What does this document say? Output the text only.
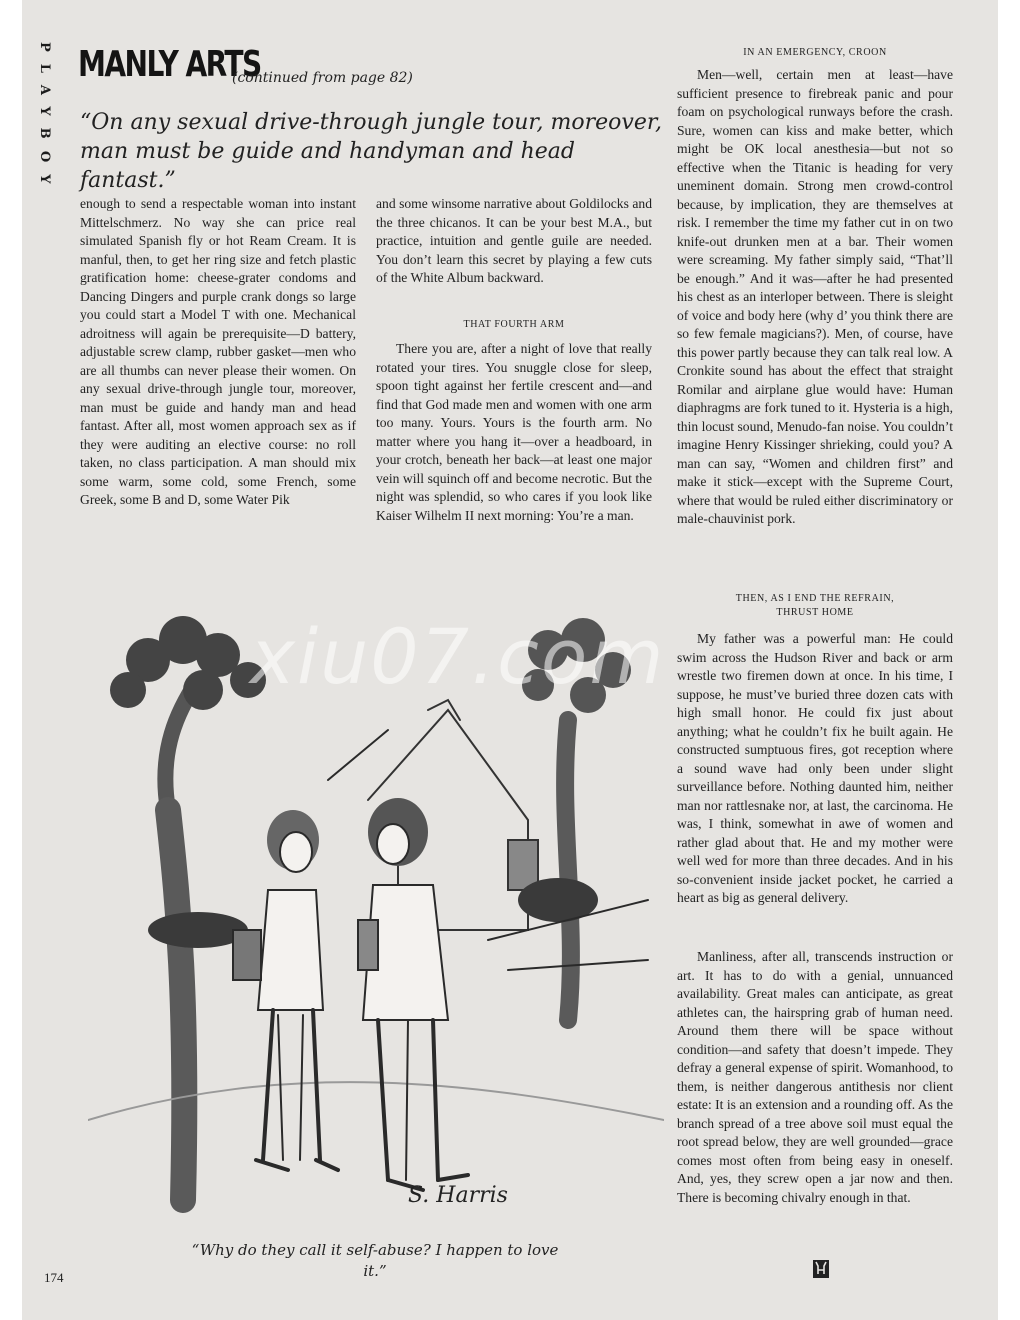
PLAYBOY MANLY ARTS
(continued from page 82)
“On any sexual drive-through jungle tour, moreover, man must be guide and handyman and head fantast.”

enough to send a respectable woman into instant Mittelschmerz. No way she can price real simulated Spanish fly or hot Ream Cream. It is manful, then, to get her ring size and fetch plastic gratification home: cheese-grater condoms and Dancing Dingers and purple crank dongs so large you could start a Model T with one. Mechanical adroitness will again be prerequisite—D battery, adjustable screw clamp, rubber gasket—men who are all thumbs can never please their women. On any sexual drive-through jungle tour, moreover, man must be guide and handy man and head fantast. After all, most women approach sex as if they were auditing an elective course: no roll taken, no class participation. A man should mix some warm, some cold, some French, some Greek, some B and D, some Water Pik

and some winsome narrative about Goldilocks and the three chicanos. It can be your best M.A., but practice, intuition and gentle guile are needed. You don’t learn this secret by playing a few cuts of the White Album backward.

THAT FOURTH ARM

There you are, after a night of love that really rotated your tires. You snuggle close for sleep, spoon tight against her fertile crescent and—and find that God made men and women with one arm too many. Yours. Yours is the fourth arm. No matter where you hang it—over a headboard, in your crotch, beneath her back—at least one major vein will squinch off and become necrotic. But the night was splendid, so who cares if you look like Kaiser Wilhelm II next morning: You’re a man.

IN AN EMERGENCY, CROON

Men—well, certain men at least—have sufficient presence to firebreak panic and pour foam on psychological runways before the crash. Sure, women can kiss and make better, which might be OK local anesthesia—but not so effective when the Titanic is heading for very uneminent domain. Strong men crowd-control because, by implication, they are themselves at risk. I remember the time my father cut in on two knife-out drunken men at a bar. Their women were screaming. My father simply said, “That’ll be enough.” And it was—after he had presented his chest as an interloper between. There is sleight of voice and body here (why d’ you think there are so few female magicians?). Men, of course, have this power partly because they can talk real low. A Cronkite sound has about the effect that straight Romilar and airplane glue would have: Human diaphragms are fork tuned to it. Hysteria is a high, thin locust sound, Menudo-fan noise. You couldn’t imagine Henry Kissinger shrieking, could you? A man can say, “Women and children first” and make it stick—except with the Supreme Court, where that would be ruled either discriminatory or male-chauvinist pork.

THEN, AS I END THE REFRAIN,
THRUST HOME

My father was a powerful man: He could swim across the Hudson River and back or arm wrestle two firemen down at once. In his time, I suppose, he must’ve buried three dozen cats with high small honor. He could fix just about anything; what he couldn’t fix he built again. He constructed sumptuous fires, got reception where a sound wave had only been under slight surveillance before. Nothing daunted him, neither man nor rattlesnake nor, at last, the carcinoma. He was, I think, somewhat in awe of women and rather glad about that. He and my mother were well wed for more than three decades. And in his so-convenient inside jacket pocket, he carried a heart as big as general delivery.

Manliness, after all, transcends instruction or art. It has to do with a genial, unnuanced availability. Great males can anticipate, as great athletes can, the hairspring grab of human need. Around them there will be space without condition—and safety that doesn’t impede. They defray a general expense of spirit. Womanhood, to them, is neither dangerous antithesis nor client estate: It is an extension and a rounding off. As the branch spread of a tree above soil must equal the root spread below, they are well grounded—grace comes most often from being easy in oneself. And, yes, they screw open a jar now and then. There is becoming chivalry enough in that.

S. Harris
xiu07.com
“Why do they call it self-abuse? I happen to love it.”
174
